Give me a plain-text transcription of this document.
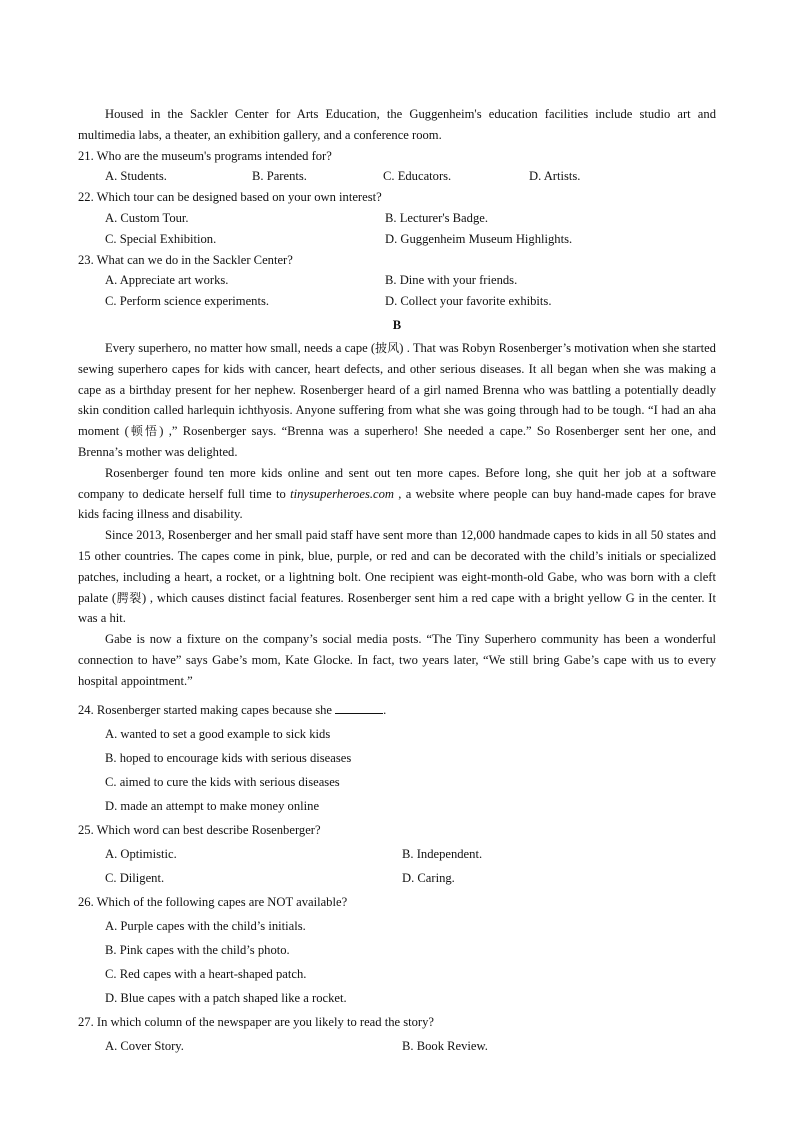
Housed in the Sackler Center for Arts Education, the Guggenheim's education facilities include studio art and multimedia labs, a theater, an exhibition gallery, and a conference room.

21. Who are the museum's programs intended for?
A. Students.	B. Parents.	C. Educators.	D. Artists.
22. Which tour can be designed based on your own interest?
A. Custom Tour.	B. Lecturer's Badge.
C. Special Exhibition.	D. Guggenheim Museum Highlights.
23. What can we do in the Sackler Center?
A. Appreciate art works.	B. Dine with your friends.
C. Perform science experiments.	D. Collect your favorite exhibits.
B

Every superhero, no matter how small, needs a cape (披风) . That was Robyn Rosenberger’s motivation when she started sewing superhero capes for kids with cancer, heart defects, and other serious diseases. It all began when she was making a cape as a birthday present for her nephew. Rosenberger heard of a girl named Brenna who was battling a potentially deadly skin condition called harlequin ichthyosis. Anyone suffering from what she was going through had to be tough. “I had an aha moment (顿悟) ,” Rosenberger says. “Brenna was a superhero! She needed a cape.” So Rosenberger sent her one, and Brenna’s mother was delighted.

Rosenberger found ten more kids online and sent out ten more capes. Before long, she quit her job at a software company to dedicate herself full time to tinysuperheroes.com , a website where people can buy hand-made capes for brave kids facing illness and disability.

Since 2013, Rosenberger and her small paid staff have sent more than 12,000 handmade capes to kids in all 50 states and 15 other countries. The capes come in pink, blue, purple, or red and can be decorated with the child’s initials or specialized patches, including a heart, a rocket, or a lightning bolt. One recipient was eight-month-old Gabe, who was born with a cleft palate (腭裂) , which causes distinct facial features. Rosenberger sent him a red cape with a bright yellow G in the center. It was a hit.

Gabe is now a fixture on the company’s social media posts. “The Tiny Superhero community has been a wonderful connection to have” says Gabe’s mom, Kate Glocke. In fact, two years later, “We still bring Gabe’s cape with us to every hospital appointment.”

24. Rosenberger started making capes because she	.
A. wanted to set a good example to sick kids
B. hoped to encourage kids with serious diseases
C. aimed to cure the kids with serious diseases
D. made an attempt to make money online
25. Which word can best describe Rosenberger?
A. Optimistic.	B. Independent.
C. Diligent.	D. Caring.
26. Which of the following capes are NOT available?
A. Purple capes with the child’s initials.
B. Pink capes with the child’s photo.
C. Red capes with a heart-shaped patch.
D. Blue capes with a patch shaped like a rocket.
27. In which column of the newspaper are you likely to read the story?
A. Cover Story.	B. Book Review.
